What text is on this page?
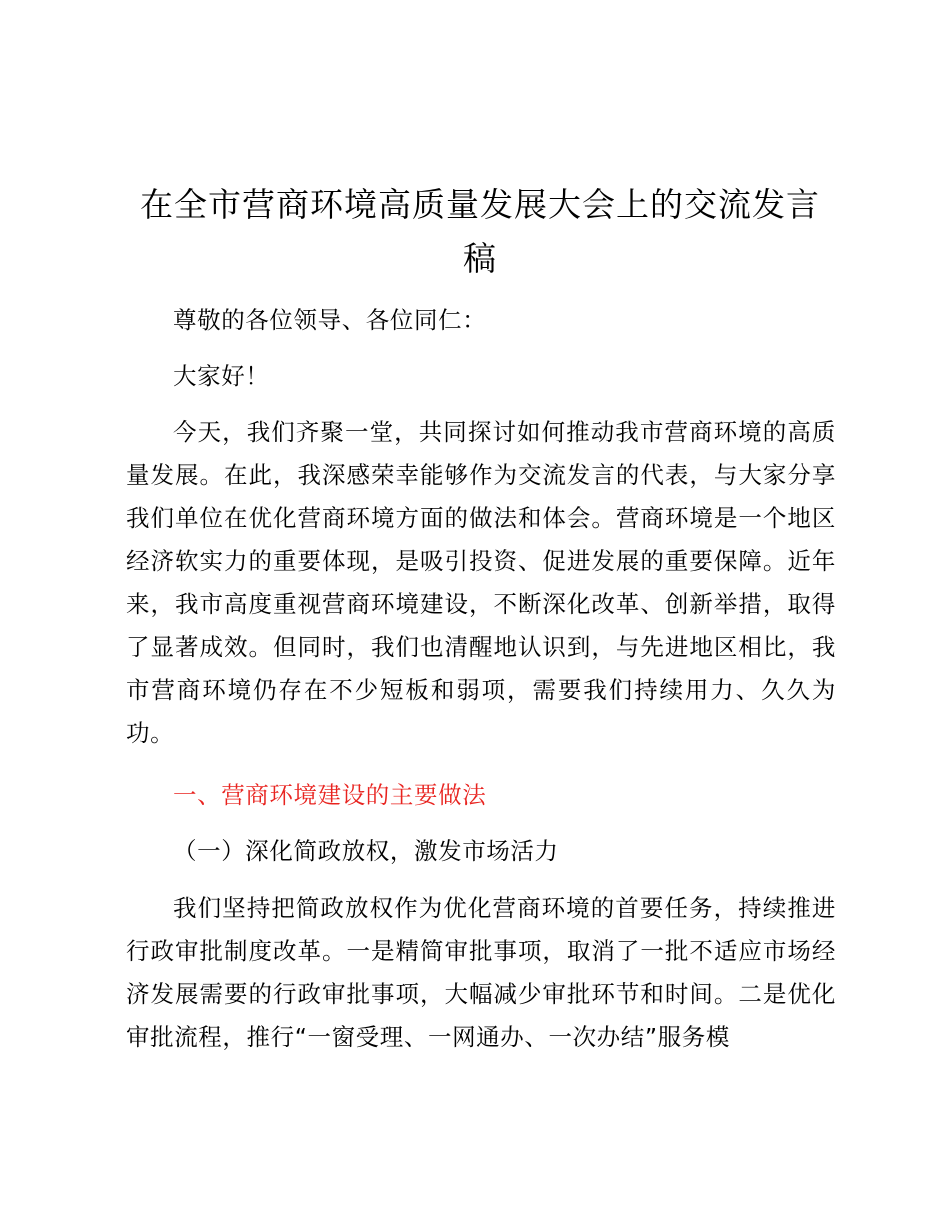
在全市营商环境高质量发展大会上的交流发言稿

尊敬的各位领导、各位同仁：

大家好！

今天，我们齐聚一堂，共同探讨如何推动我市营商环境的高质量发展。在此，我深感荣幸能够作为交流发言的代表，与大家分享我们单位在优化营商环境方面的做法和体会。营商环境是一个地区经济软实力的重要体现，是吸引投资、促进发展的重要保障。近年来，我市高度重视营商环境建设，不断深化改革、创新举措，取得了显著成效。但同时，我们也清醒地认识到，与先进地区相比，我市营商环境仍存在不少短板和弱项，需要我们持续用力、久久为功。

一、营商环境建设的主要做法

（一）深化简政放权，激发市场活力

我们坚持把简政放权作为优化营商环境的首要任务，持续推进行政审批制度改革。一是精简审批事项，取消了一批不适应市场经济发展需要的行政审批事项，大幅减少审批环节和时间。二是优化审批流程，推行“一窗受理、一网通办、一次办结”服务模
